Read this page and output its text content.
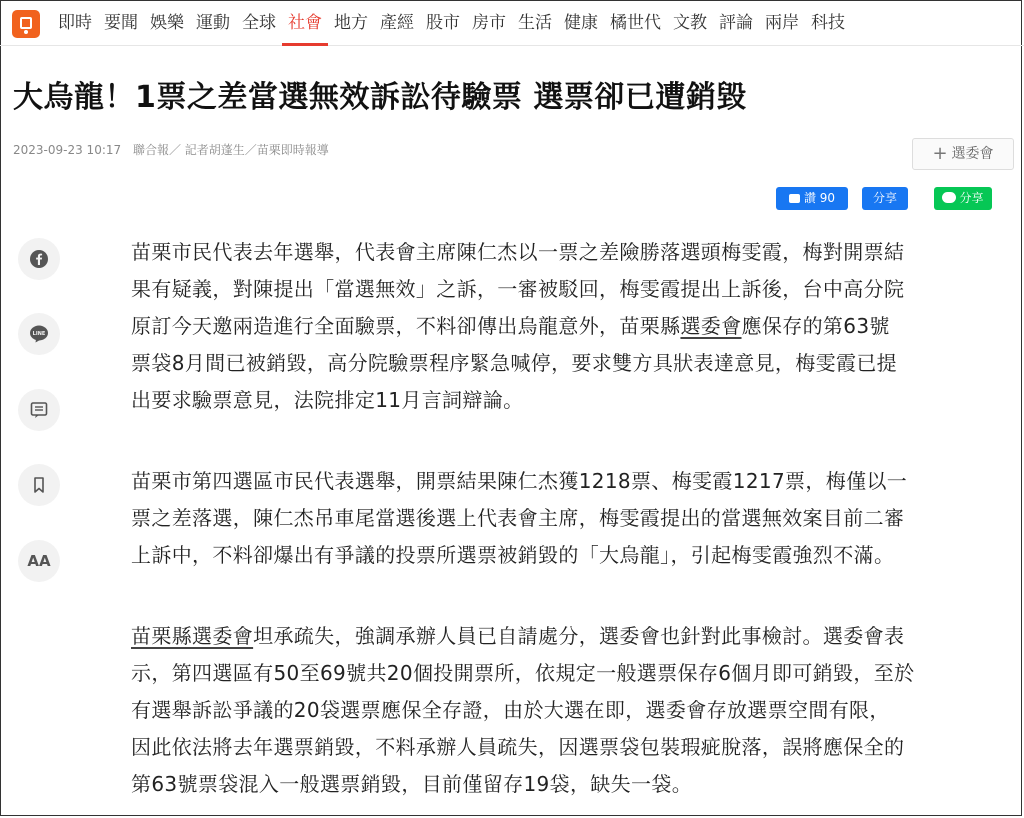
即時 要聞 娛樂 運動 全球 社會 地方 產經 股市 房市 生活 健康 橘世代 文教 評論 兩岸 科技
大烏龍！1票之差當選無效訴訟待驗票 選票卻已遭銷毀
2023-09-23 10:17 聯合報／ 記者胡蓬生／苗栗即時報導	+ 選委會
讚 90	分享	分享
LINE
AA
苗栗市民代表去年選舉，代表會主席陳仁杰以一票之差險勝落選頭梅雯霞，梅對開票結
果有疑義，對陳提出「當選無效」之訴，一審被駁回，梅雯霞提出上訴後，台中高分院
原訂今天邀兩造進行全面驗票，不料卻傳出烏龍意外，苗栗縣選委會應保存的第63號
票袋8月間已被銷毀，高分院驗票程序緊急喊停，要求雙方具狀表達意見，梅雯霞已提
出要求驗票意見，法院排定11月言詞辯論。
苗栗市第四選區市民代表選舉，開票結果陳仁杰獲1218票、梅雯霞1217票，梅僅以一
票之差落選，陳仁杰吊車尾當選後選上代表會主席，梅雯霞提出的當選無效案目前二審
上訴中，不料卻爆出有爭議的投票所選票被銷毀的「大烏龍」，引起梅雯霞強烈不滿。
苗栗縣選委會坦承疏失，強調承辦人員已自請處分，選委會也針對此事檢討。選委會表
示，第四選區有50至69號共20個投開票所，依規定一般選票保存6個月即可銷毀，至於
有選舉訴訟爭議的20袋選票應保全存證，由於大選在即，選委會存放選票空間有限，
因此依法將去年選票銷毀，不料承辦人員疏失，因選票袋包裝瑕疵脫落，誤將應保全的
第63號票袋混入一般選票銷毀，目前僅留存19袋，缺失一袋。
